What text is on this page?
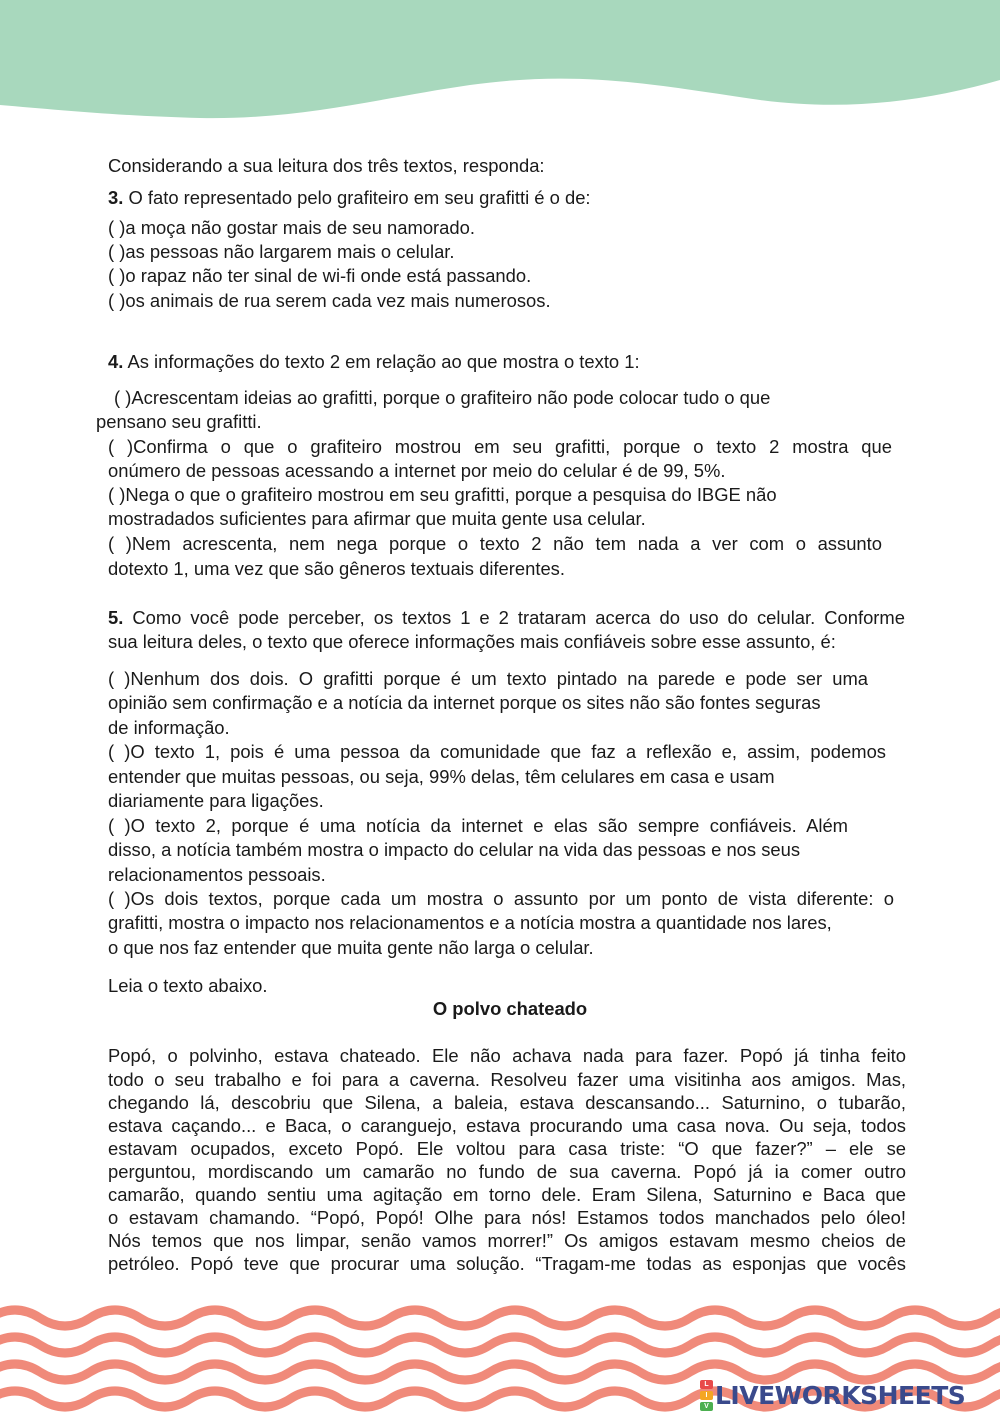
Considerando a sua leitura dos três textos, responda:
3. O fato representado pelo grafiteiro em seu grafitti é o de:
( )a moça não gostar mais de seu namorado.
( )as pessoas não largarem mais o celular.
( )o rapaz não ter sinal de wi-fi onde está passando.
( )os animais de rua serem cada vez mais numerosos.
4. As informações do texto 2 em relação ao que mostra o texto 1:
( )Acrescentam ideias ao grafitti, porque o grafiteiro não pode colocar tudo o que
pensano seu grafitti.
( )Confirma o que o grafiteiro mostrou em seu grafitti, porque o texto 2 mostra que
onúmero de pessoas acessando a internet por meio do celular é de 99, 5%.
( )Nega o que o grafiteiro mostrou em seu grafitti, porque a pesquisa do IBGE não
mostradados suficientes para afirmar que muita gente usa celular.
( )Nem acrescenta, nem nega porque o texto 2 não tem nada a ver com o assunto
dotexto 1, uma vez que são gêneros textuais diferentes.
5. Como você pode perceber, os textos 1 e 2 trataram acerca do uso do celular. Conforme
sua leitura deles, o texto que oferece informações mais confiáveis sobre esse assunto, é:
( )Nenhum dos dois. O grafitti porque é um texto pintado na parede e pode ser uma
opinião sem confirmação e a notícia da internet porque os sites não são fontes seguras
de informação.
( )O texto 1, pois é uma pessoa da comunidade que faz a reflexão e, assim, podemos
entender que muitas pessoas, ou seja, 99% delas, têm celulares em casa e usam
diariamente para ligações.
( )O texto 2, porque é uma notícia da internet e elas são sempre confiáveis. Além
disso, a notícia também mostra o impacto do celular na vida das pessoas e nos seus
relacionamentos pessoais.
( )Os dois textos, porque cada um mostra o assunto por um ponto de vista diferente: o
grafitti, mostra o impacto nos relacionamentos e a notícia mostra a quantidade nos lares,
o que nos faz entender que muita gente não larga o celular.
Leia o texto abaixo.
O polvo chateado
Popó, o polvinho, estava chateado. Ele não achava nada para fazer. Popó já tinha feito
todo o seu trabalho e foi para a caverna. Resolveu fazer uma visitinha aos amigos. Mas,
chegando lá, descobriu que Silena, a baleia, estava descansando... Saturnino, o tubarão,
estava caçando... e Baca, o caranguejo, estava procurando uma casa nova. Ou seja, todos
estavam ocupados, exceto Popó. Ele voltou para casa triste: “O que fazer?” – ele se
perguntou, mordiscando um camarão no fundo de sua caverna. Popó já ia comer outro
camarão, quando sentiu uma agitação em torno dele. Eram Silena, Saturnino e Baca que
o estavam chamando. “Popó, Popó! Olhe para nós! Estamos todos manchados pelo óleo!
Nós temos que nos limpar, senão vamos morrer!” Os amigos estavam mesmo cheios de
petróleo. Popó teve que procurar uma solução. “Tragam-me todas as esponjas que vocês
L
I
V LIVEWORKSHEETS
